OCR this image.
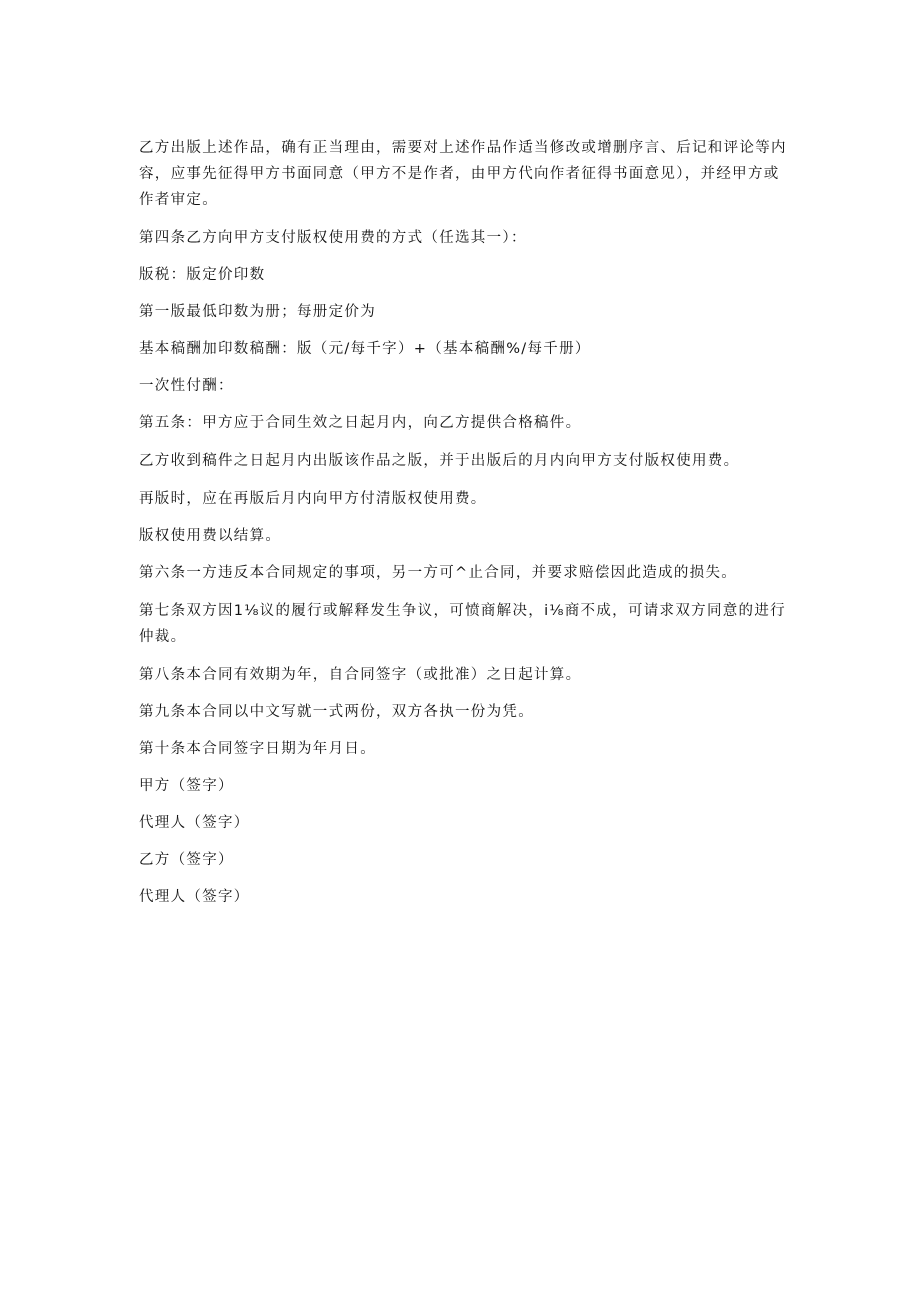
乙方出版上述作品，确有正当理由，需要对上述作品作适当修改或增删序言、后记和评论等内容，应事先征得甲方书面同意（甲方不是作者，由甲方代向作者征得书面意见），并经甲方或作者审定。

第四条乙方向甲方支付版权使用费的方式（任选其一）：

版税：版定价印数

第一版最低印数为册；每册定价为

基本稿酬加印数稿酬：版（元/每千字）+（基本稿酬%/每千册）

一次性付酬：

第五条：甲方应于合同生效之日起月内，向乙方提供合格稿件。

乙方收到稿件之日起月内出版该作品之版，并于出版后的月内向甲方支付版权使用费。

再版时，应在再版后月内向甲方付清版权使用费。

版权使用费以结算。

第六条一方违反本合同规定的事项，另一方可^止合同，并要求赔偿因此造成的损失。

第七条双方因1⅛议的履行或解释发生争议，可愤商解决，i⅛商不成，可请求双方同意的进行仲裁。

第八条本合同有效期为年，自合同签字（或批准）之日起计算。

第九条本合同以中文写就一式两份，双方各执一份为凭。

第十条本合同签字日期为年月日。

甲方（签字）

代理人（签字）

乙方（签字）

代理人（签字）
